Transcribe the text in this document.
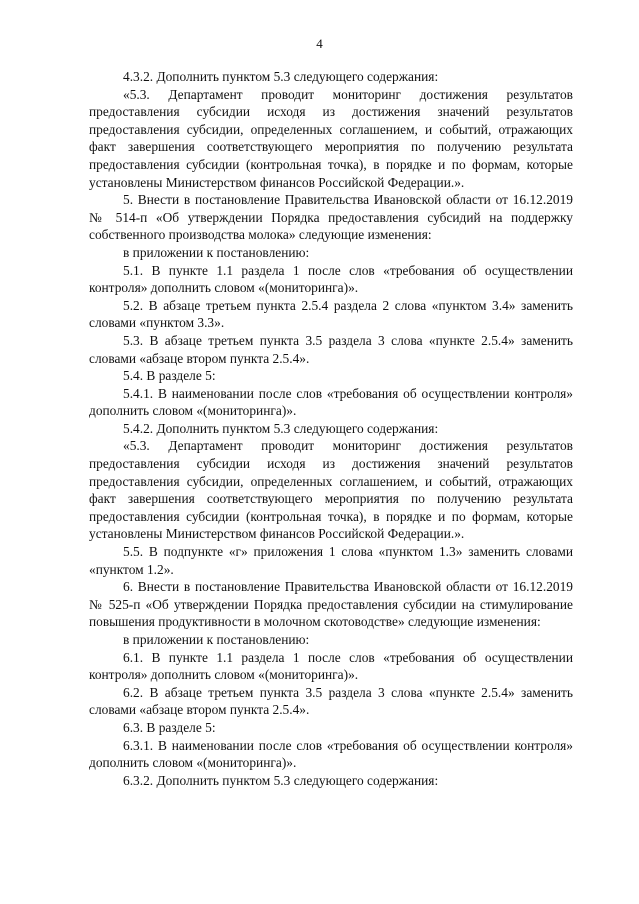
4

4.3.2. Дополнить пунктом 5.3 следующего содержания:

«5.3. Департамент проводит мониторинг достижения результатов предоставления субсидии исходя из достижения значений результатов предоставления субсидии, определенных соглашением, и событий, отражающих факт завершения соответствующего мероприятия по получению результата предоставления субсидии (контрольная точка), в порядке и по формам, которые установлены Министерством финансов Российской Федерации.».

5. Внести в постановление Правительства Ивановской области от 16.12.2019 № 514-п «Об утверждении Порядка предоставления субсидий на поддержку собственного производства молока» следующие изменения:

в приложении к постановлению:

5.1. В пункте 1.1 раздела 1 после слов «требования об осуществлении контроля» дополнить словом «(мониторинга)».

5.2. В абзаце третьем пункта 2.5.4 раздела 2 слова «пунктом 3.4» заменить словами «пунктом 3.3».

5.3. В абзаце третьем пункта 3.5 раздела 3 слова «пункте 2.5.4» заменить словами «абзаце втором пункта 2.5.4».

5.4. В разделе 5:

5.4.1. В наименовании после слов «требования об осуществлении контроля» дополнить словом «(мониторинга)».

5.4.2. Дополнить пунктом 5.3 следующего содержания:

«5.3. Департамент проводит мониторинг достижения результатов предоставления субсидии исходя из достижения значений результатов предоставления субсидии, определенных соглашением, и событий, отражающих факт завершения соответствующего мероприятия по получению результата предоставления субсидии (контрольная точка), в порядке и по формам, которые установлены Министерством финансов Российской Федерации.».

5.5. В подпункте «г» приложения 1 слова «пунктом 1.3» заменить словами «пунктом 1.2».

6. Внести в постановление Правительства Ивановской области от 16.12.2019 № 525-п «Об утверждении Порядка предоставления субсидии на стимулирование повышения продуктивности в молочном скотоводстве» следующие изменения:

в приложении к постановлению:

6.1. В пункте 1.1 раздела 1 после слов «требования об осуществлении контроля» дополнить словом «(мониторинга)».

6.2. В абзаце третьем пункта 3.5 раздела 3 слова «пункте 2.5.4» заменить словами «абзаце втором пункта 2.5.4».

6.3. В разделе 5:

6.3.1. В наименовании после слов «требования об осуществлении контроля» дополнить словом «(мониторинга)».

6.3.2. Дополнить пунктом 5.3 следующего содержания:
